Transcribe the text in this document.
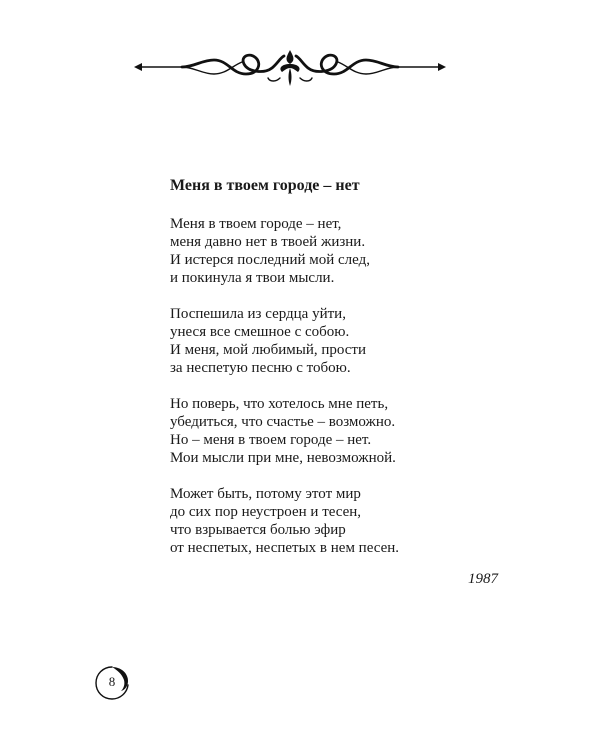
Меня в твоем городе – нет
Меня в твоем городе – нет,
меня давно нет в твоей жизни.
И истерся последний мой след,
и покинула я твои мысли.
Поспешила из сердца уйти,
унеся все смешное с собою.
И меня, мой любимый, прости
за неспетую песню с тобою.
Но поверь, что хотелось мне петь,
убедиться, что счастье – возможно.
Но – меня в твоем городе – нет.
Мои мысли при мне, невозможной.
Может быть, потому этот мир
до сих пор неустроен и тесен,
что взрывается болью эфир
от неспетых, неспетых в нем песен.
1987
8
